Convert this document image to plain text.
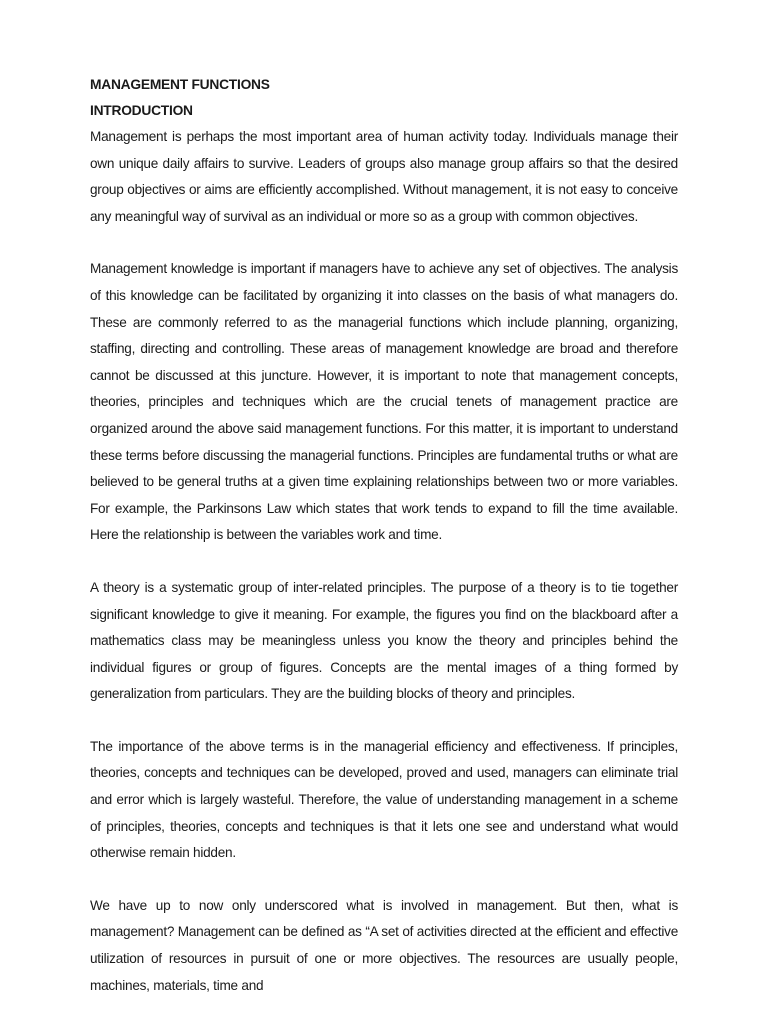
MANAGEMENT FUNCTIONS
INTRODUCTION

Management is perhaps the most important area of human activity today. Individuals manage their own unique daily affairs to survive. Leaders of groups also manage group affairs so that the desired group objectives or aims are efficiently accomplished. Without management, it is not easy to conceive any meaningful way of survival as an individual or more so as a group with common objectives.

Management knowledge is important if managers have to achieve any set of objectives. The analysis of this knowledge can be facilitated by organizing it into classes on the basis of what managers do. These are commonly referred to as the managerial functions which include planning, organizing, staffing, directing and controlling. These areas of management knowledge are broad and therefore cannot be discussed at this juncture. However, it is important to note that management concepts, theories, principles and techniques which are the crucial tenets of management practice are organized around the above said management functions. For this matter, it is important to understand these terms before discussing the managerial functions. Principles are fundamental truths or what are believed to be general truths at a given time explaining relationships between two or more variables. For example, the Parkinsons Law which states that work tends to expand to fill the time available. Here the relationship is between the variables work and time.

A theory is a systematic group of inter-related principles. The purpose of a theory is to tie together significant knowledge to give it meaning. For example, the figures you find on the blackboard after a mathematics class may be meaningless unless you know the theory and principles behind the individual figures or group of figures. Concepts are the mental images of a thing formed by generalization from particulars. They are the building blocks of theory and principles.

The importance of the above terms is in the managerial efficiency and effectiveness. If principles, theories, concepts and techniques can be developed, proved and used, managers can eliminate trial and error which is largely wasteful. Therefore, the value of understanding management in a scheme of principles, theories, concepts and techniques is that it lets one see and understand what would otherwise remain hidden.

We have up to now only underscored what is involved in management. But then, what is management? Management can be defined as “A set of activities directed at the efficient and effective utilization of resources in pursuit of one or more objectives. The resources are usually people, machines, materials, time and
